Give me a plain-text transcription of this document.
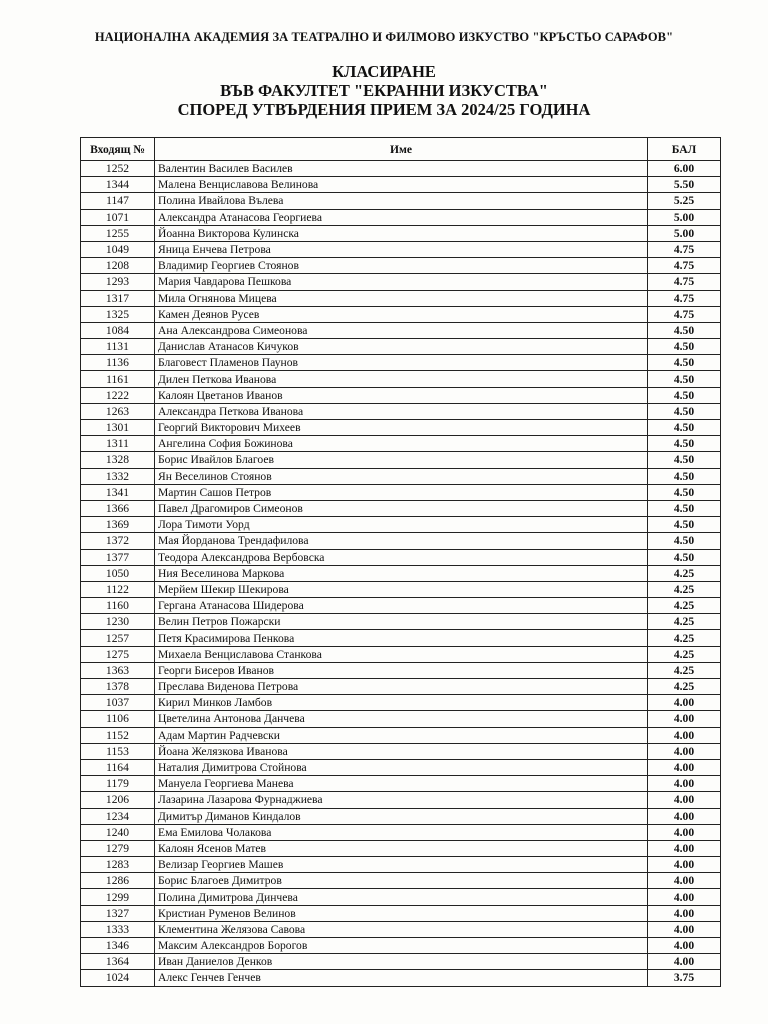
НАЦИОНАЛНА АКАДЕМИЯ ЗА ТЕАТРАЛНО И ФИЛМОВО ИЗКУСТВО "КРЪСТЬО САРАФОВ"
КЛАСИРАНЕ
ВЪВ ФАКУЛТЕТ "ЕКРАННИ ИЗКУСТВА"
СПОРЕД УТВЪРДЕНИЯ ПРИЕМ ЗА 2024/25 ГОДИНА
Входящ №	Име	БАЛ
1252	Валентин Василев Василев	6.00
1344	Малена Венциславова Велинова	5.50
1147	Полина Ивайлова Вълева	5.25
1071	Александра Атанасова Георгиева	5.00
1255	Йоанна Викторова Кулинска	5.00
1049	Яница Енчева Петрова	4.75
1208	Владимир Георгиев Стоянов	4.75
1293	Мария Чавдарова Пешкова	4.75
1317	Мила Огнянова Мицева	4.75
1325	Камен Деянов Русев	4.75
1084	Ана Александрова Симеонова	4.50
1131	Данислав Атанасов Кичуков	4.50
1136	Благовест Пламенов Паунов	4.50
1161	Дилен Петкова Иванова	4.50
1222	Калоян Цветанов Иванов	4.50
1263	Александра Петкова Иванова	4.50
1301	Георгий Викторович Михеев	4.50
1311	Ангелина София Божинова	4.50
1328	Борис Ивайлов Благоев	4.50
1332	Ян Веселинов Стоянов	4.50
1341	Мартин Сашов Петров	4.50
1366	Павел Драгомиров Симеонов	4.50
1369	Лора Тимоти Уорд	4.50
1372	Мая Йорданова Трендафилова	4.50
1377	Теодора Александрова Вербовска	4.50
1050	Ния Веселинова Маркова	4.25
1122	Мерйем Шекир Шекирова	4.25
1160	Гергана Атанасова Шидерова	4.25
1230	Велин Петров Пожарски	4.25
1257	Петя Красимирова Пенкова	4.25
1275	Михаела Венциславова Станкова	4.25
1363	Георги Бисеров Иванов	4.25
1378	Преслава Виденова Петрова	4.25
1037	Кирил Минков Ламбов	4.00
1106	Цветелина Антонова Данчева	4.00
1152	Адам Мартин Радчевски	4.00
1153	Йоана Желязкова Иванова	4.00
1164	Наталия Димитрова Стойнова	4.00
1179	Мануела Георгиева Манева	4.00
1206	Лазарина Лазарова Фурнаджиева	4.00
1234	Димитър Диманов Киндалов	4.00
1240	Ема Емилова Чолакова	4.00
1279	Калоян Ясенов Матев	4.00
1283	Велизар Георгиев Машев	4.00
1286	Борис Благоев Димитров	4.00
1299	Полина Димитрова Динчева	4.00
1327	Кристиан Руменов Велинов	4.00
1333	Клементина Желязова Савова	4.00
1346	Максим Александров Борогов	4.00
1364	Иван Даниелов Денков	4.00
1024	Алекс Генчев Генчев	3.75
